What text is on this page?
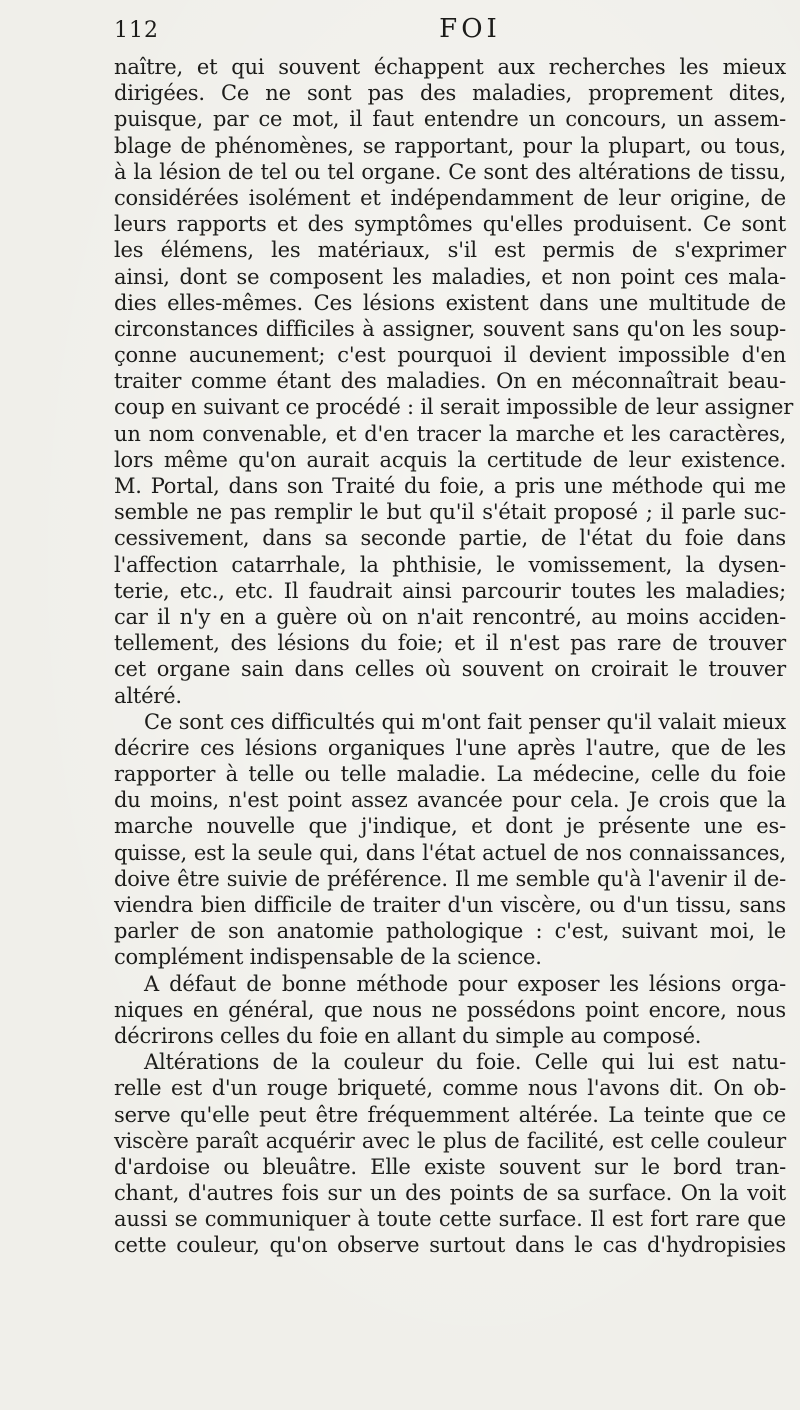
112	FOI
naître, et qui souvent échappent aux recherches les mieux
dirigées. Ce ne sont pas des maladies, proprement dites,
puisque, par ce mot, il faut entendre un concours, un assem-
blage de phénomènes, se rapportant, pour la plupart, ou tous,
à la lésion de tel ou tel organe. Ce sont des altérations de tissu,
considérées isolément et indépendamment de leur origine, de
leurs rapports et des symptômes qu'elles produisent. Ce sont
les élémens, les matériaux, s'il est permis de s'exprimer
ainsi, dont se composent les maladies, et non point ces mala-
dies elles-mêmes. Ces lésions existent dans une multitude de
circonstances difficiles à assigner, souvent sans qu'on les soup-
çonne aucunement; c'est pourquoi il devient impossible d'en
traiter comme étant des maladies. On en méconnaîtrait beau-
coup en suivant ce procédé : il serait impossible de leur assigner
un nom convenable, et d'en tracer la marche et les caractères,
lors même qu'on aurait acquis la certitude de leur existence.
M. Portal, dans son Traité du foie, a pris une méthode qui me
semble ne pas remplir le but qu'il s'était proposé ; il parle suc-
cessivement, dans sa seconde partie, de l'état du foie dans
l'affection catarrhale, la phthisie, le vomissement, la dysen-
terie, etc., etc. Il faudrait ainsi parcourir toutes les maladies;
car il n'y en a guère où on n'ait rencontré, au moins acciden-
tellement, des lésions du foie; et il n'est pas rare de trouver
cet organe sain dans celles où souvent on croirait le trouver
altéré.
Ce sont ces difficultés qui m'ont fait penser qu'il valait mieux
décrire ces lésions organiques l'une après l'autre, que de les
rapporter à telle ou telle maladie. La médecine, celle du foie
du moins, n'est point assez avancée pour cela. Je crois que la
marche nouvelle que j'indique, et dont je présente une es-
quisse, est la seule qui, dans l'état actuel de nos connaissances,
doive être suivie de préférence. Il me semble qu'à l'avenir il de-
viendra bien difficile de traiter d'un viscère, ou d'un tissu, sans
parler de son anatomie pathologique : c'est, suivant moi, le
complément indispensable de la science.
A défaut de bonne méthode pour exposer les lésions orga-
niques en général, que nous ne possédons point encore, nous
décrirons celles du foie en allant du simple au composé.
Altérations de la couleur du foie. Celle qui lui est natu-
relle est d'un rouge briqueté, comme nous l'avons dit. On ob-
serve qu'elle peut être fréquemment altérée. La teinte que ce
viscère paraît acquérir avec le plus de facilité, est celle couleur
d'ardoise ou bleuâtre. Elle existe souvent sur le bord tran-
chant, d'autres fois sur un des points de sa surface. On la voit
aussi se communiquer à toute cette surface. Il est fort rare que
cette couleur, qu'on observe surtout dans le cas d'hydropisies
